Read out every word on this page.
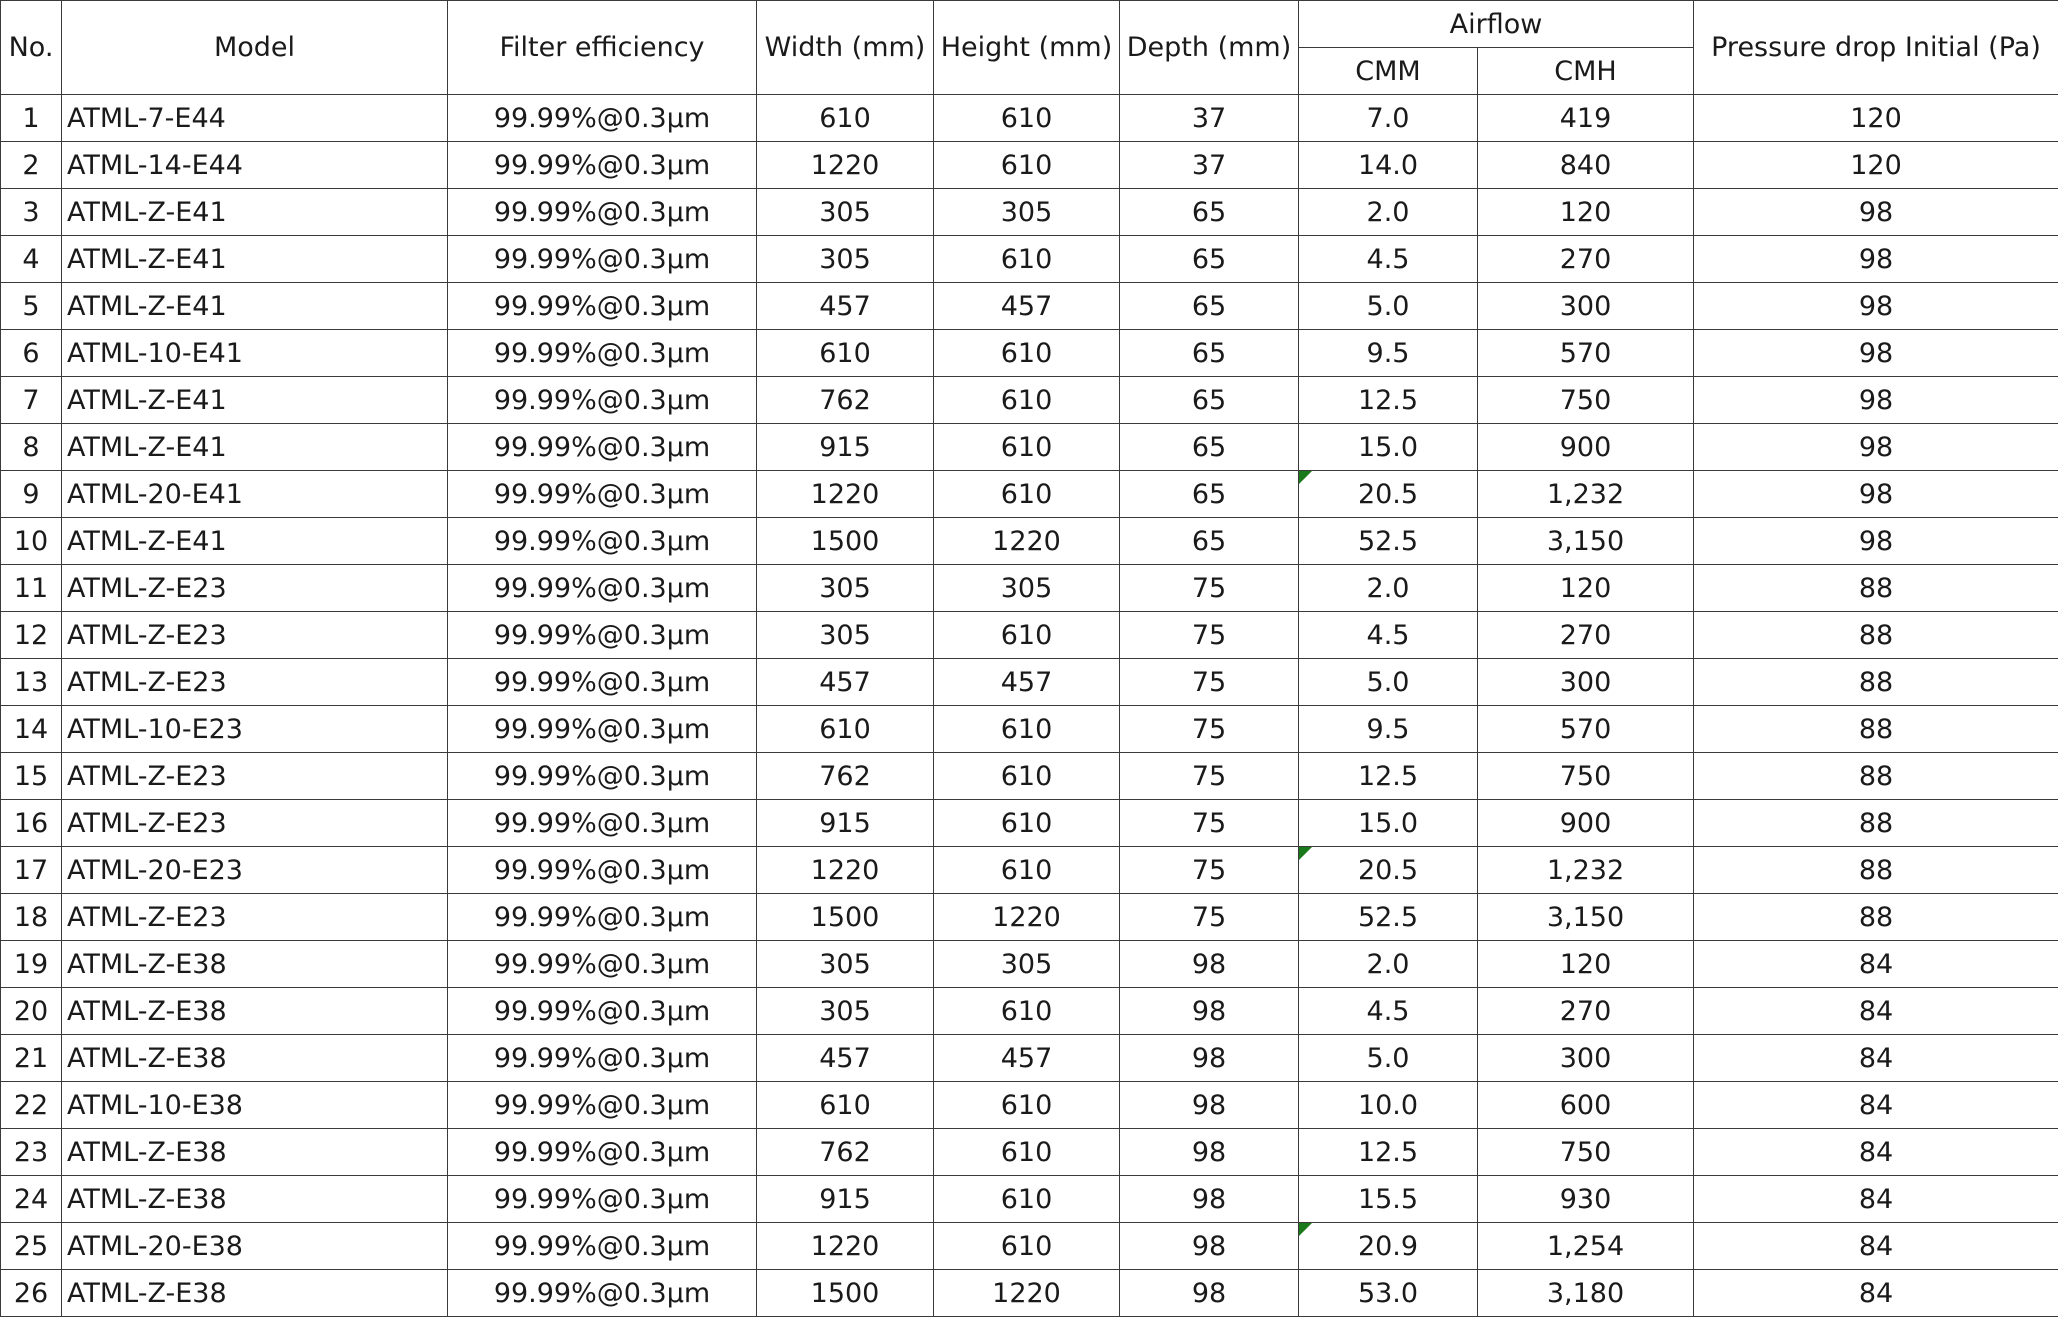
No.	Model	Filter efficiency	Width (mm)	Height (mm)	Depth (mm)	Airflow		Pressure drop Initial (Pa)
						CMM	CMH	
1	ATML-7-E44	99.99%@0.3μm	610	610	37	7.0	419	120
2	ATML-14-E44	99.99%@0.3μm	1220	610	37	14.0	840	120
3	ATML-Z-E41	99.99%@0.3μm	305	305	65	2.0	120	98
4	ATML-Z-E41	99.99%@0.3μm	305	610	65	4.5	270	98
5	ATML-Z-E41	99.99%@0.3μm	457	457	65	5.0	300	98
6	ATML-10-E41	99.99%@0.3μm	610	610	65	9.5	570	98
7	ATML-Z-E41	99.99%@0.3μm	762	610	65	12.5	750	98
8	ATML-Z-E41	99.99%@0.3μm	915	610	65	15.0	900	98
9	ATML-20-E41	99.99%@0.3μm	1220	610	65	20.5	1,232	98
10	ATML-Z-E41	99.99%@0.3μm	1500	1220	65	52.5	3,150	98
11	ATML-Z-E23	99.99%@0.3μm	305	305	75	2.0	120	88
12	ATML-Z-E23	99.99%@0.3μm	305	610	75	4.5	270	88
13	ATML-Z-E23	99.99%@0.3μm	457	457	75	5.0	300	88
14	ATML-10-E23	99.99%@0.3μm	610	610	75	9.5	570	88
15	ATML-Z-E23	99.99%@0.3μm	762	610	75	12.5	750	88
16	ATML-Z-E23	99.99%@0.3μm	915	610	75	15.0	900	88
17	ATML-20-E23	99.99%@0.3μm	1220	610	75	20.5	1,232	88
18	ATML-Z-E23	99.99%@0.3μm	1500	1220	75	52.5	3,150	88
19	ATML-Z-E38	99.99%@0.3μm	305	305	98	2.0	120	84
20	ATML-Z-E38	99.99%@0.3μm	305	610	98	4.5	270	84
21	ATML-Z-E38	99.99%@0.3μm	457	457	98	5.0	300	84
22	ATML-10-E38	99.99%@0.3μm	610	610	98	10.0	600	84
23	ATML-Z-E38	99.99%@0.3μm	762	610	98	12.5	750	84
24	ATML-Z-E38	99.99%@0.3μm	915	610	98	15.5	930	84
25	ATML-20-E38	99.99%@0.3μm	1220	610	98	20.9	1,254	84
26	ATML-Z-E38	99.99%@0.3μm	1500	1220	98	53.0	3,180	84
